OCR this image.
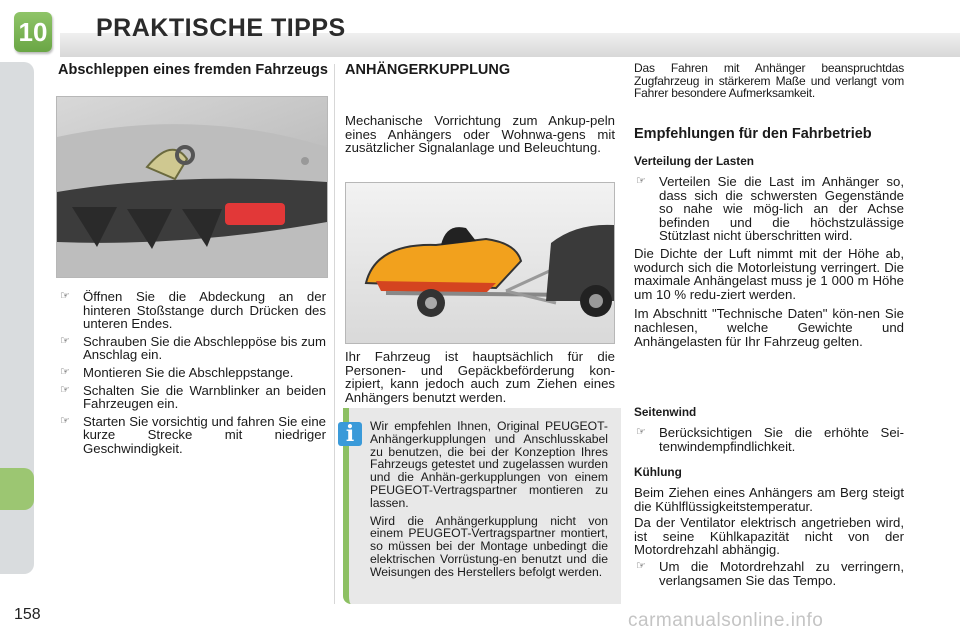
10 PRAKTISCHE TIPPS
Abschleppen eines fremden Fahrzeugs
☞ Öffnen Sie die Abdeckung an der hinteren Stoßstange durch Drücken des unteren Endes.
☞ Schrauben Sie die Abschleppöse bis zum Anschlag ein.
☞ Montieren Sie die Abschleppstange.
☞ Schalten Sie die Warnblinker an beiden Fahrzeugen ein.
☞ Starten Sie vorsichtig und fahren Sie eine kurze Strecke mit niedriger Geschwindigkeit.
ANHÄNGERKUPPLUNG

Mechanische Vorrichtung zum Ankup-peln eines Anhängers oder Wohnwa-gens mit zusätzlicher Signalanlage und Beleuchtung.

Ihr Fahrzeug ist hauptsächlich für die Personen- und Gepäckbeförderung kon-zipiert, kann jedoch auch zum Ziehen eines Anhängers benutzt werden.

i	Wir empfehlen Ihnen, Original PEUGEOT-Anhängerkupplungen und Anschlusskabel zu benutzen, die bei der Konzeption Ihres Fahrzeugs getestet und zugelassen wurden und die Anhän-gerkupplungen von einem PEUGEOT-Vertragspartner montieren zu lassen.

Wird die Anhängerkupplung nicht von einem PEUGEOT-Vertragspartner montiert, so müssen bei der Montage unbedingt die elektrischen Vorrüstung-en benutzt und die Weisungen des Herstellers befolgt werden.

Das Fahren mit Anhänger beanspruchtdas Zugfahrzeug in stärkerem Maße und verlangt vom Fahrer besondere Aufmerksamkeit.

Empfehlungen für den Fahrbetrieb
Verteilung der Lasten
☞ Verteilen Sie die Last im Anhänger so, dass sich die schwersten Gegenstände so nahe wie mög-lich an der Achse befinden und die höchstzulässige Stützlast nicht überschritten wird.

Die Dichte der Luft nimmt mit der Höhe ab, wodurch sich die Motorleistung verringert. Die maximale Anhängelast muss je 1 000 m Höhe um 10 % redu-ziert werden.

Im Abschnitt "Technische Daten" kön-nen Sie nachlesen, welche Gewichte und Anhängelasten für Ihr Fahrzeug gelten.

Seitenwind
☞ Berücksichtigen Sie die erhöhte Sei-tenwindempfindlichkeit.
Kühlung

Beim Ziehen eines Anhängers am Berg steigt die Kühlflüssigkeitstemperatur.

Da der Ventilator elektrisch angetrieben wird, ist seine Kühlkapazität nicht von der Motordrehzahl abhängig.

☞ Um die Motordrehzahl zu verringern, verlangsamen Sie das Tempo.
158	carmanualsonline.info
